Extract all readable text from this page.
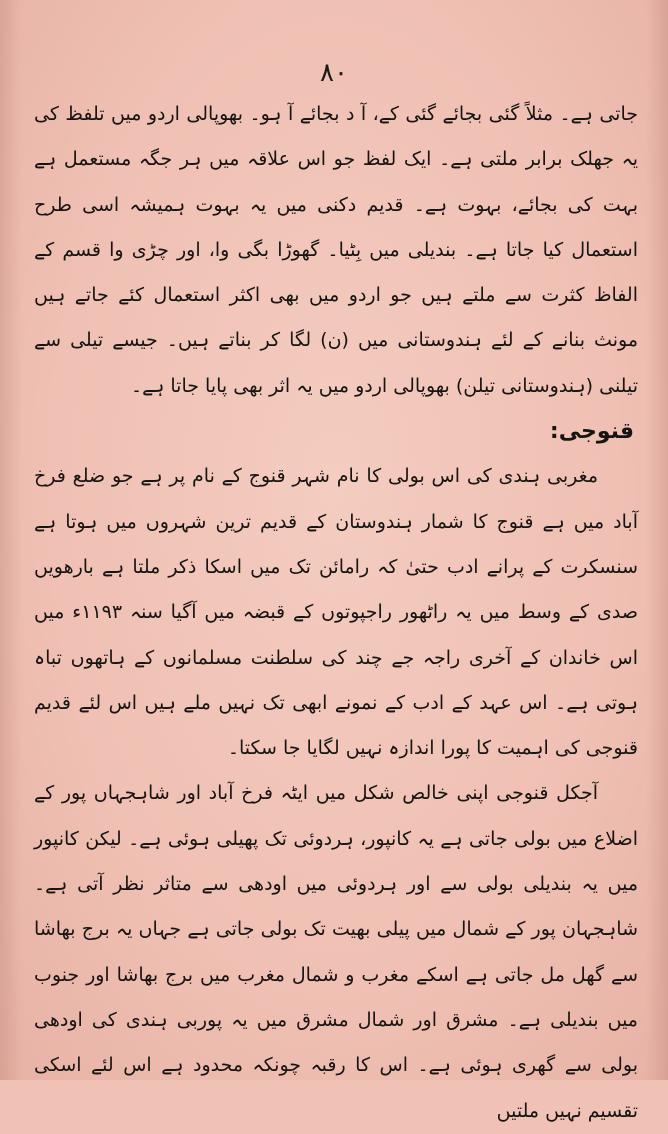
۸۰

جاتی ہے۔ مثلاً گئی بجائے گئی کے، آ د بجائے آ ہو۔ بھوپالی اردو میں تلفظ کی یہ جھلک برابر ملتی ہے۔ ایک لفظ جو اس علاقہ میں ہر جگہ مستعمل ہے بہت کی بجائے، بہوت ہے۔ قدیم دکنی میں یہ بہوت ہمیشہ اسی طرح استعمال کیا جاتا ہے۔ بندیلی میں بِٹیا۔ گھوڑا بگی وا، اور چڑی وا قسم کے الفاظ کثرت سے ملتے ہیں جو اردو میں بھی اکثر استعمال کئے جاتے ہیں مونث بنانے کے لئے ہندوستانی میں (ن) لگا کر بناتے ہیں۔ جیسے تیلی سے تیلنی (ہندوستانی تیلن) بھوپالی اردو میں یہ اثر بھی پایا جاتا ہے۔

قنوجی:

مغربی ہندی کی اس بولی کا نام شہر قنوج کے نام پر ہے جو ضلع فرخ آباد میں ہے قنوج کا شمار ہندوستان کے قدیم ترین شہروں میں ہوتا ہے سنسکرت کے پرانے ادب حتیٰ کہ رامائن تک میں اسکا ذکر ملتا ہے بارھویں صدی کے وسط میں یہ راٹھور راجپوتوں کے قبضہ میں آگیا سنہ ۱۱۹۳ء میں اس خاندان کے آخری راجہ جے چند کی سلطنت مسلمانوں کے ہاتھوں تباہ ہوتی ہے۔ اس عہد کے ادب کے نمونے ابھی تک نہیں ملے ہیں اس لئے قدیم قنوجی کی اہمیت کا پورا اندازہ نہیں لگایا جا سکتا۔

آجکل قنوجی اپنی خالص شکل میں ایٹہ فرخ آباد اور شاہجہاں پور کے اضلاع میں بولی جاتی ہے یہ کانپور، ہردوئی تک پھیلی ہوئی ہے۔ لیکن کانپور میں یہ بندیلی بولی سے اور ہردوئی میں اودھی سے متاثر نظر آتی ہے۔ شاہجہان پور کے شمال میں پیلی بھیت تک بولی جاتی ہے جہاں یہ برج بھاشا سے گھل مل جاتی ہے اسکے مغرب و شمال مغرب میں برج بھاشا اور جنوب میں بندیلی ہے۔ مشرق اور شمال مشرق میں یہ پوربی ہندی کی اودھی بولی سے گھری ہوئی ہے۔ اس کا رقبہ چونکہ محدود ہے اس لئے اسکی تقسیم نہیں ملتیں
